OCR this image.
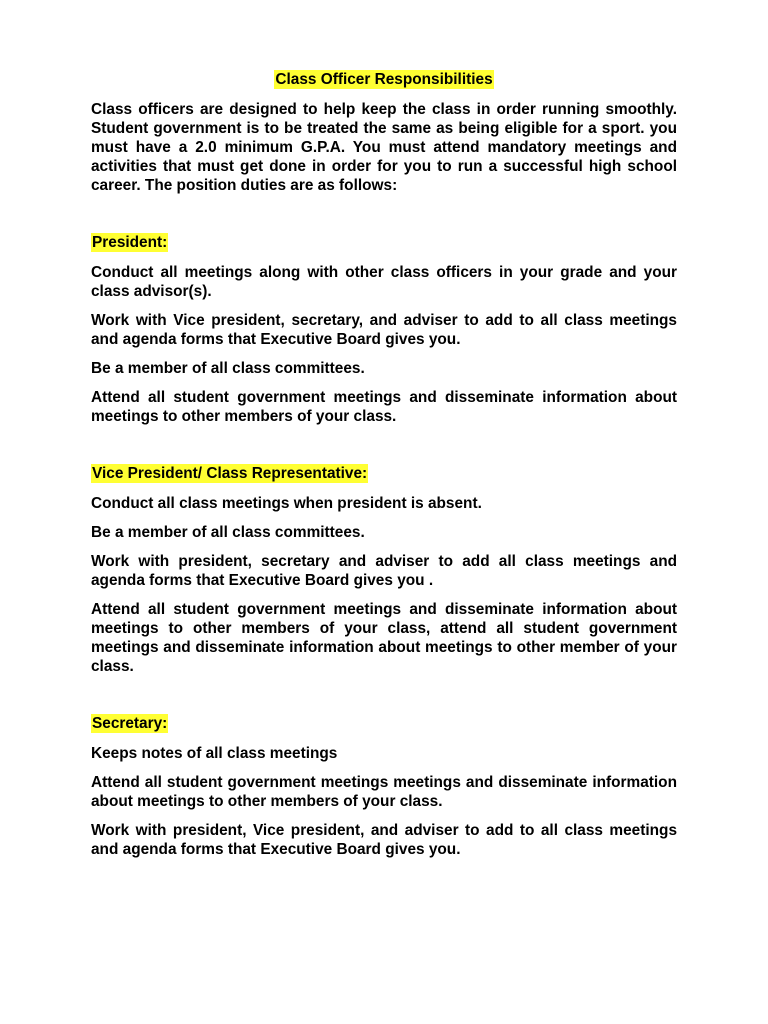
Class Officer Responsibilities

Class officers are designed to help keep the class in order running smoothly. Student government is to be treated the same as being eligible for a sport. you must have a 2.0 minimum G.P.A. You must attend mandatory meetings and activities that must get done in order for you to run a successful high school career. The position duties are as follows:

President:

Conduct all meetings along with other class officers in your grade and your class advisor(s).

Work with Vice president, secretary, and adviser to add to all class meetings and agenda forms that Executive Board gives you.

Be a member of all class committees.

Attend all student government meetings and disseminate information about meetings to other members of your class.

Vice President/ Class Representative:

Conduct all class meetings when president is absent.

Be a member of all class committees.

Work with president, secretary and adviser to add all class meetings and agenda forms that Executive Board gives you .

Attend all student government meetings and disseminate information about meetings to other members of your class, attend all student government meetings and disseminate information about meetings to other member of your class.

Secretary:

Keeps notes of all class meetings

Attend all student government meetings meetings and disseminate information about meetings to other members of your class.

Work with president, Vice president, and adviser to add to all class meetings and agenda forms that Executive Board gives you.
